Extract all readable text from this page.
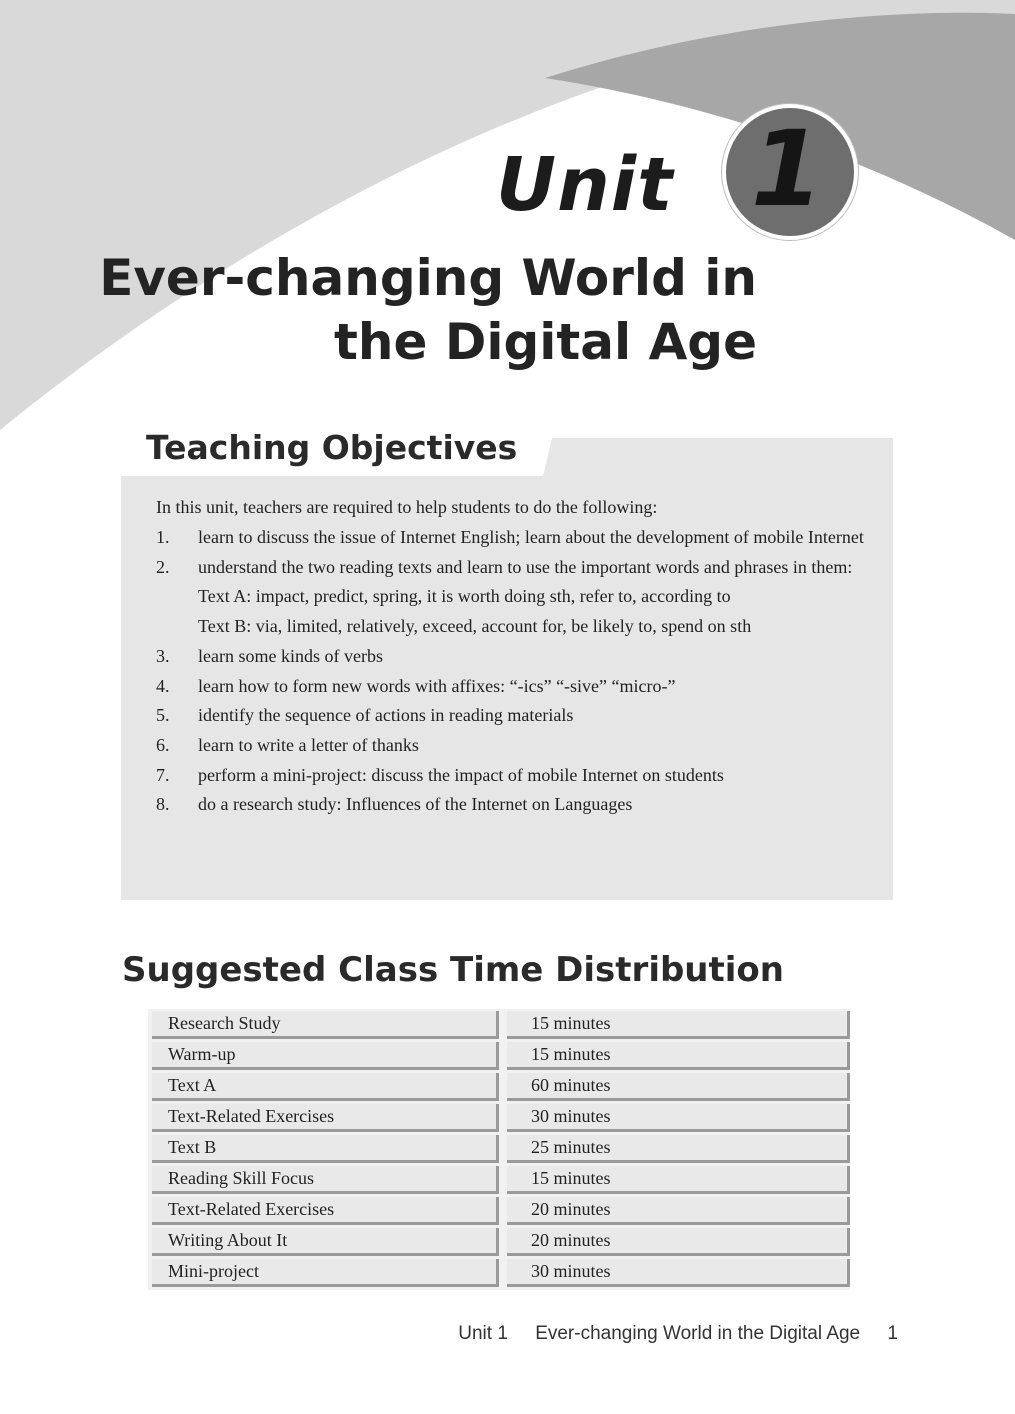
Unit 1
Ever-changing World in
the Digital Age
Teaching Objectives

In this unit, teachers are required to help students to do the following:

1. learn to discuss the issue of Internet English; learn about the development of mobile Internet
2. understand the two reading texts and learn to use the important words and phrases in them:
Text A: impact, predict, spring, it is worth doing sth, refer to, according to
Text B: via, limited, relatively, exceed, account for, be likely to, spend on sth
3. learn some kinds of verbs
4. learn how to form new words with affixes: “-ics” “-sive” “micro-”
5. identify the sequence of actions in reading materials
6. learn to write a letter of thanks
7. perform a mini-project: discuss the impact of mobile Internet on students
8. do a research study: Influences of the Internet on Languages
Suggested Class Time Distribution
Research Study	15 minutes
Warm-up	15 minutes
Text A	60 minutes
Text-Related Exercises	30 minutes
Text B	25 minutes
Reading Skill Focus	15 minutes
Text-Related Exercises	20 minutes
Writing About It	20 minutes
Mini-project	30 minutes

Unit 1 Ever-changing World in the Digital Age 1
